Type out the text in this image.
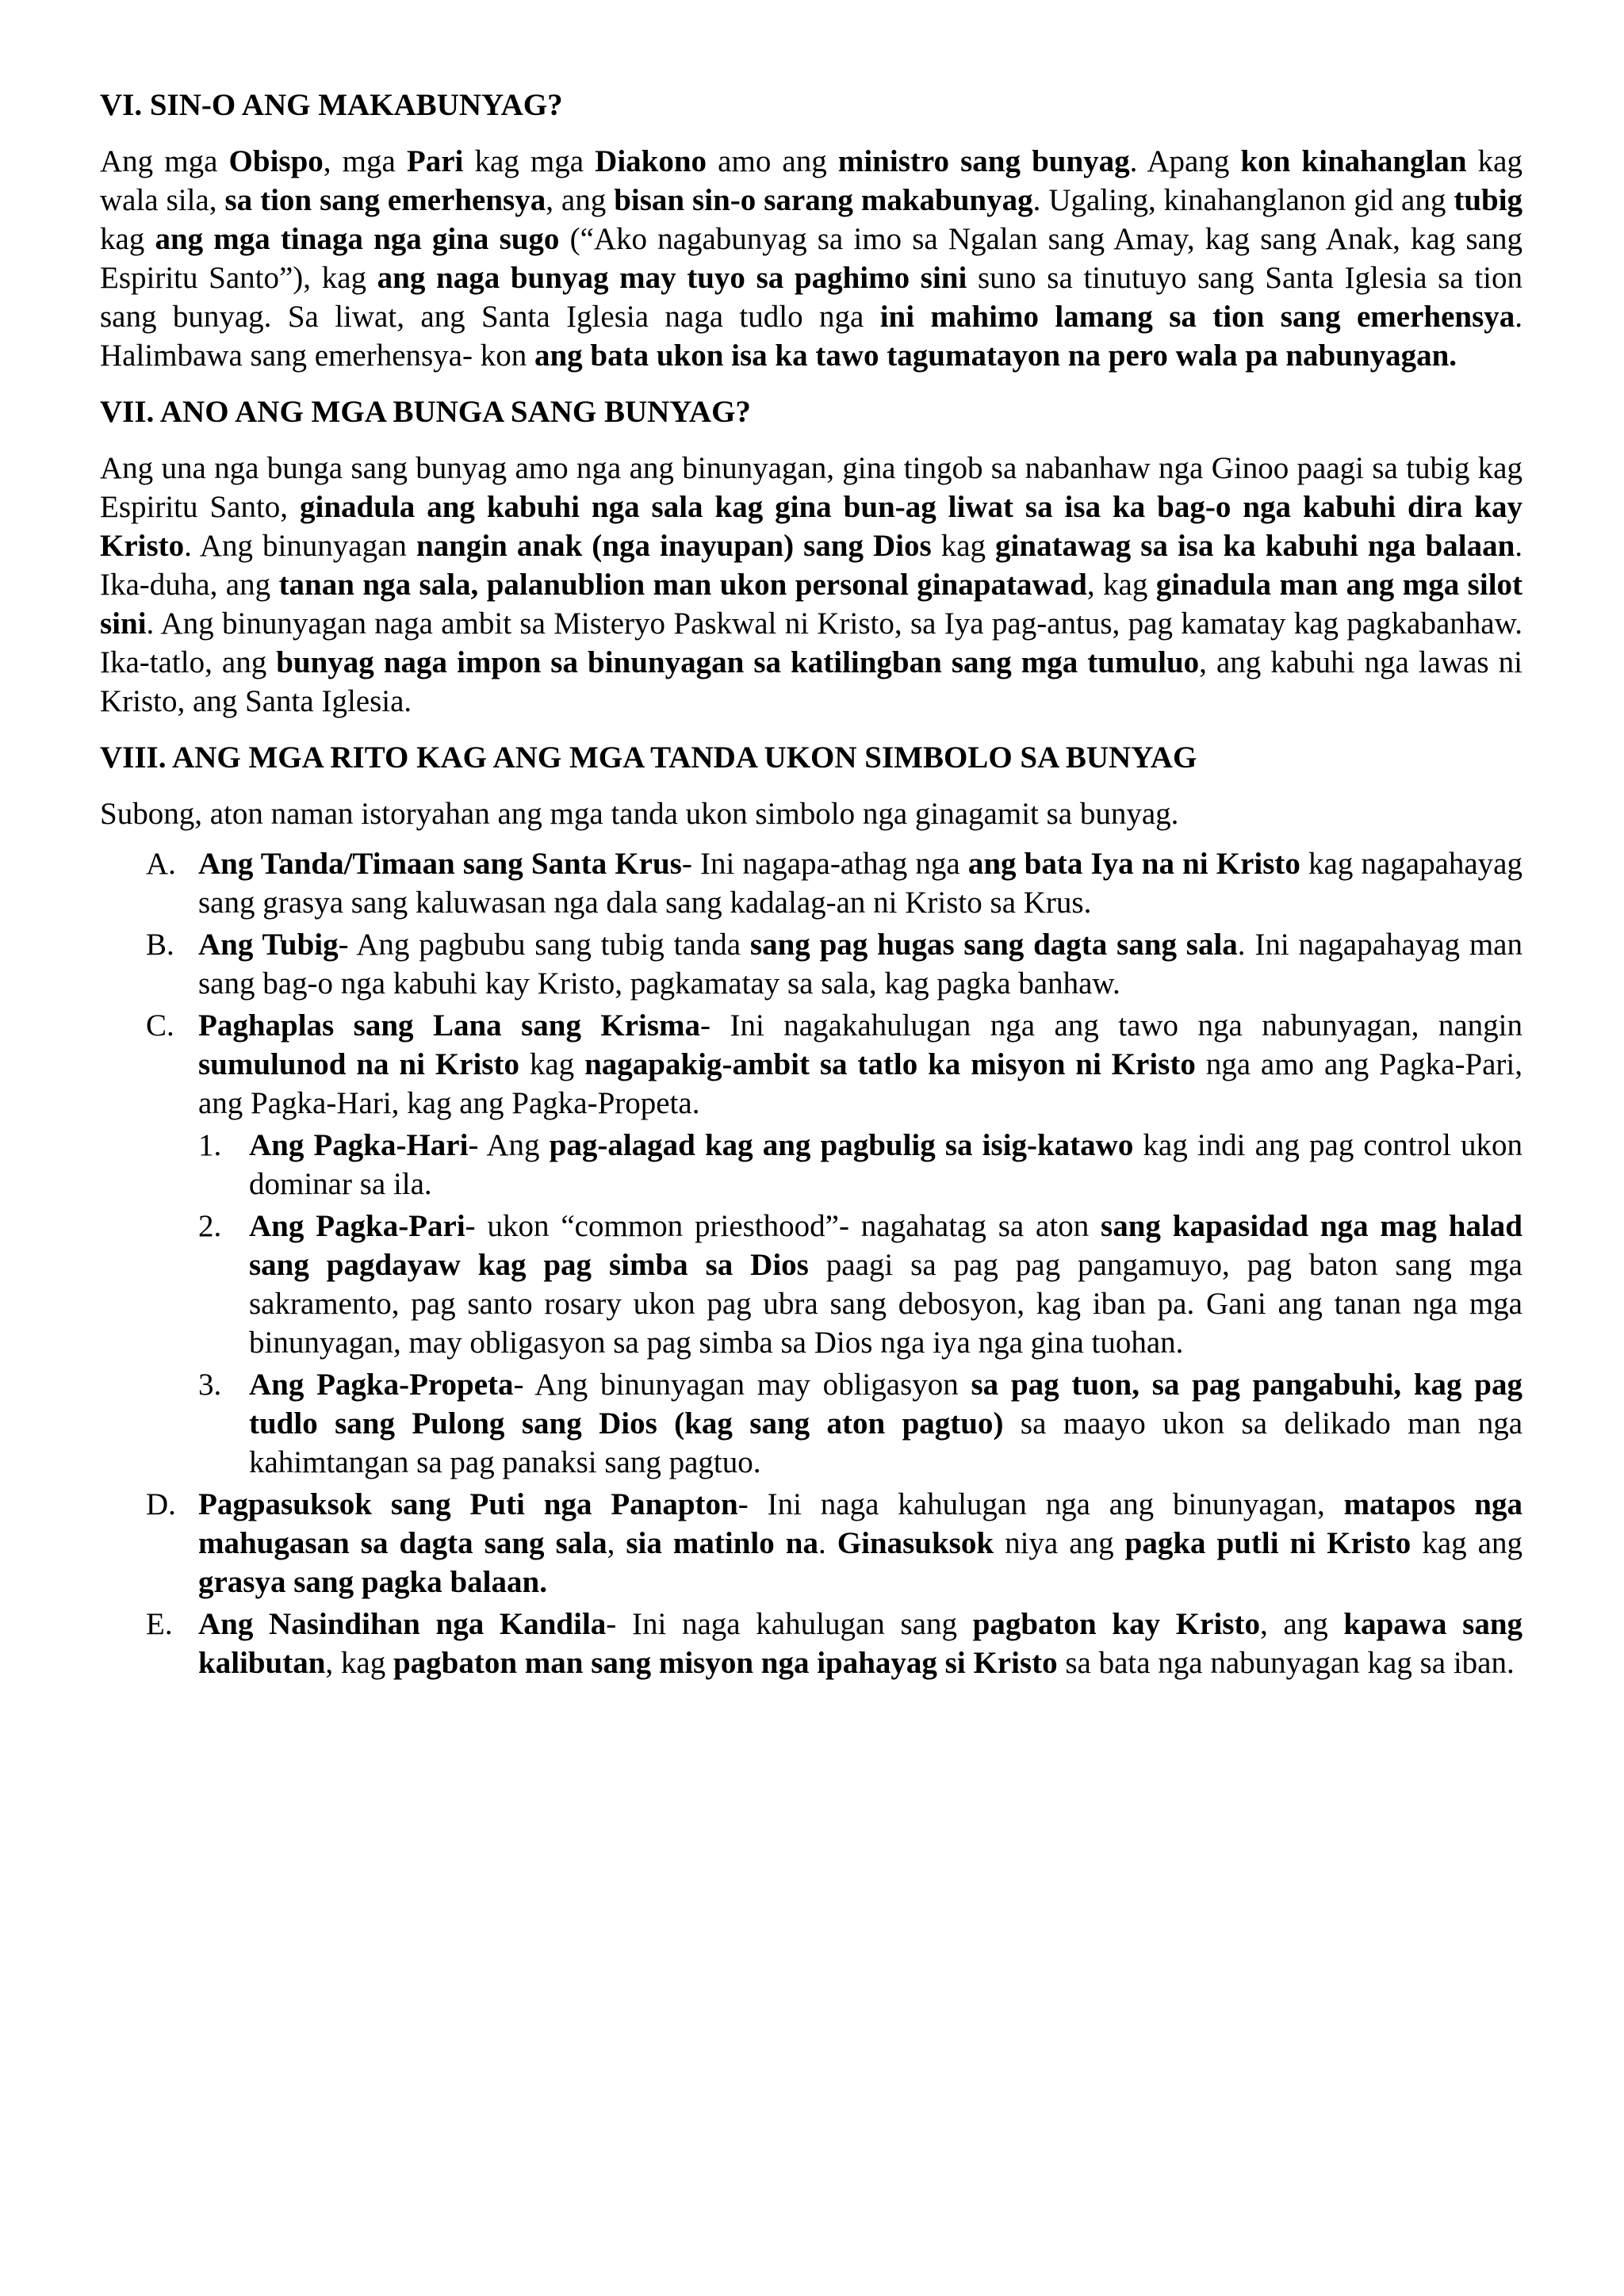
VI. SIN-O ANG MAKABUNYAG?

Ang mga Obispo, mga Pari kag mga Diakono amo ang ministro sang bunyag. Apang kon kinahanglan kag wala sila, sa tion sang emerhensya, ang bisan sin-o sarang makabunyag. Ugaling, kinahanglanon gid ang tubig kag ang mga tinaga nga gina sugo (“Ako nagabunyag sa imo sa Ngalan sang Amay, kag sang Anak, kag sang Espiritu Santo”), kag ang naga bunyag may tuyo sa paghimo sini suno sa tinutuyo sang Santa Iglesia sa tion sang bunyag. Sa liwat, ang Santa Iglesia naga tudlo nga ini mahimo lamang sa tion sang emerhensya. Halimbawa sang emerhensya- kon ang bata ukon isa ka tawo tagumatayon na pero wala pa nabunyagan.

VII. ANO ANG MGA BUNGA SANG BUNYAG?

Ang una nga bunga sang bunyag amo nga ang binunyagan, gina tingob sa nabanhaw nga Ginoo paagi sa tubig kag Espiritu Santo, ginadula ang kabuhi nga sala kag gina bun-ag liwat sa isa ka bag-o nga kabuhi dira kay Kristo. Ang binunyagan nangin anak (nga inayupan) sang Dios kag ginatawag sa isa ka kabuhi nga balaan. Ika-duha, ang tanan nga sala, palanublion man ukon personal ginapatawad, kag ginadula man ang mga silot sini. Ang binunyagan naga ambit sa Misteryo Paskwal ni Kristo, sa Iya pag-antus, pag kamatay kag pagkabanhaw. Ika-tatlo, ang bunyag naga impon sa binunyagan sa katilingban sang mga tumuluo, ang kabuhi nga lawas ni Kristo, ang Santa Iglesia.

VIII. ANG MGA RITO KAG ANG MGA TANDA UKON SIMBOLO SA BUNYAG

Subong, aton naman istoryahan ang mga tanda ukon simbolo nga ginagamit sa bunyag.

A. Ang Tanda/Timaan sang Santa Krus- Ini nagapa-athag nga ang bata Iya na ni Kristo kag nagapahayag sang grasya sang kaluwasan nga dala sang kadalag-an ni Kristo sa Krus.
B. Ang Tubig- Ang pagbubu sang tubig tanda sang pag hugas sang dagta sang sala. Ini nagapahayag man sang bag-o nga kabuhi kay Kristo, pagkamatay sa sala, kag pagka banhaw.
C. Paghaplas sang Lana sang Krisma- Ini nagakahulugan nga ang tawo nga nabunyagan, nangin sumulunod na ni Kristo kag nagapakig-ambit sa tatlo ka misyon ni Kristo nga amo ang Pagka-Pari, ang Pagka-Hari, kag ang Pagka-Propeta.
1. Ang Pagka-Hari- Ang pag-alagad kag ang pagbulig sa isig-katawo kag indi ang pag control ukon dominar sa ila.
2. Ang Pagka-Pari- ukon “common priesthood”- nagahatag sa aton sang kapasidad nga mag halad sang pagdayaw kag pag simba sa Dios paagi sa pag pag pangamuyo, pag baton sang mga sakramento, pag santo rosary ukon pag ubra sang debosyon, kag iban pa. Gani ang tanan nga mga binunyagan, may obligasyon sa pag simba sa Dios nga iya nga gina tuohan.
3. Ang Pagka-Propeta- Ang binunyagan may obligasyon sa pag tuon, sa pag pangabuhi, kag pag tudlo sang Pulong sang Dios (kag sang aton pagtuo) sa maayo ukon sa delikado man nga kahimtangan sa pag panaksi sang pagtuo.
D. Pagpasuksok sang Puti nga Panapton- Ini naga kahulugan nga ang binunyagan, matapos nga mahugasan sa dagta sang sala, sia matinlo na. Ginasuksok niya ang pagka putli ni Kristo kag ang grasya sang pagka balaan.
E. Ang Nasindihan nga Kandila- Ini naga kahulugan sang pagbaton kay Kristo, ang kapawa sang kalibutan, kag pagbaton man sang misyon nga ipahayag si Kristo sa bata nga nabunyagan kag sa iban.
